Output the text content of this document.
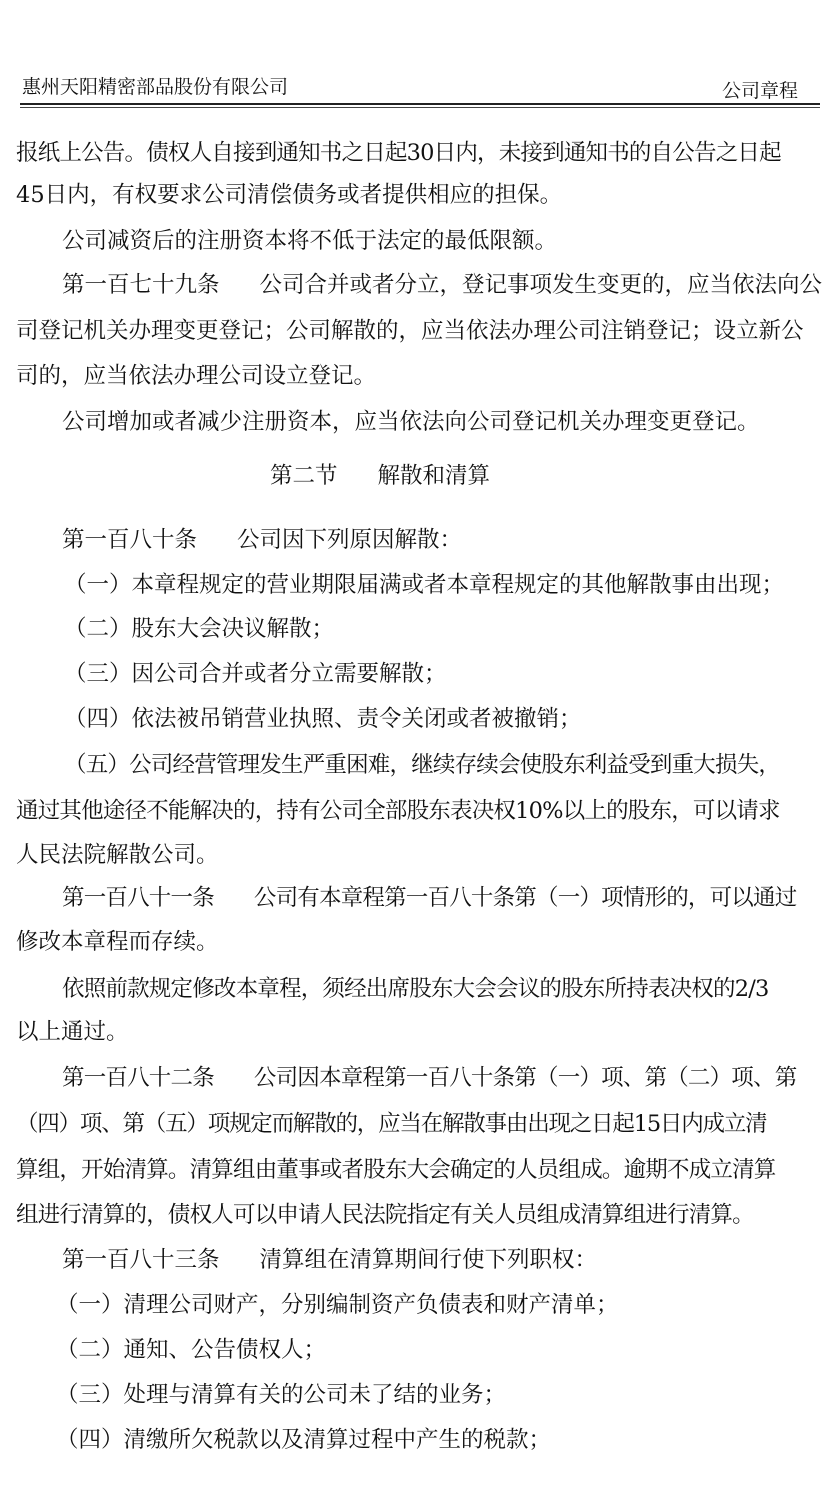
惠州天阳精密部品股份有限公司	公司章程
报纸上公告。债权人自接到通知书之日起30日内，未接到通知书的自公告之日起
45日内，有权要求公司清偿债务或者提供相应的担保。
公司减资后的注册资本将不低于法定的最低限额。
第一百七十九条 公司合并或者分立，登记事项发生变更的，应当依法向公
司登记机关办理变更登记；公司解散的，应当依法办理公司注销登记；设立新公
司的，应当依法办理公司设立登记。
公司增加或者减少注册资本，应当依法向公司登记机关办理变更登记。
第二节 解散和清算
第一百八十条 公司因下列原因解散：
（一）本章程规定的营业期限届满或者本章程规定的其他解散事由出现；
（二）股东大会决议解散；
（三）因公司合并或者分立需要解散；
（四）依法被吊销营业执照、责令关闭或者被撤销；
（五）公司经营管理发生严重困难，继续存续会使股东利益受到重大损失，
通过其他途径不能解决的，持有公司全部股东表决权10%以上的股东，可以请求
人民法院解散公司。
第一百八十一条 公司有本章程第一百八十条第（一）项情形的，可以通过
修改本章程而存续。
依照前款规定修改本章程，须经出席股东大会会议的股东所持表决权的2/3
以上通过。
第一百八十二条 公司因本章程第一百八十条第（一）项、第（二）项、第
（四）项、第（五）项规定而解散的，应当在解散事由出现之日起15日内成立清
算组，开始清算。清算组由董事或者股东大会确定的人员组成。逾期不成立清算
组进行清算的，债权人可以申请人民法院指定有关人员组成清算组进行清算。
第一百八十三条 清算组在清算期间行使下列职权：
（一）清理公司财产，分别编制资产负债表和财产清单；
（二）通知、公告债权人；
（三）处理与清算有关的公司未了结的业务；
（四）清缴所欠税款以及清算过程中产生的税款；
